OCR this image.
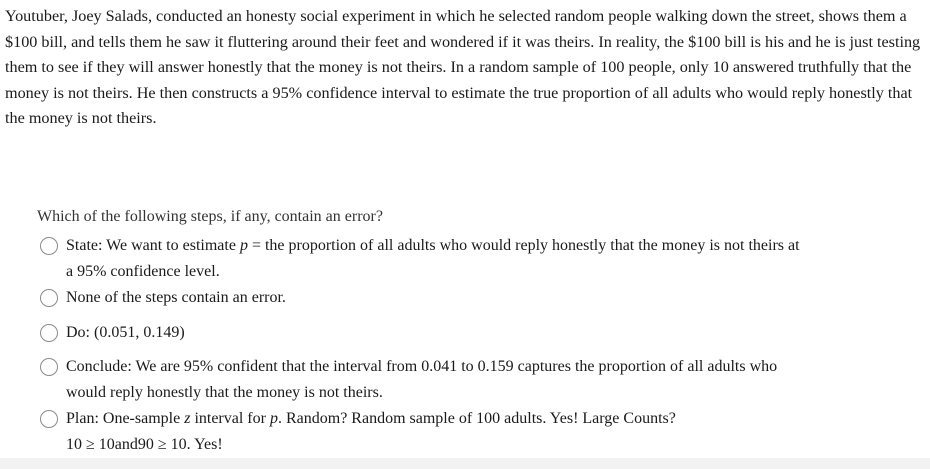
Youtuber, Joey Salads, conducted an honesty social experiment in which he selected random people walking down the street, shows them a $100 bill, and tells them he saw it fluttering around their feet and wondered if it was theirs. In reality, the $100 bill is his and he is just testing them to see if they will answer honestly that the money is not theirs. In a random sample of 100 people, only 10 answered truthfully that the money is not theirs. He then constructs a 95% confidence interval to estimate the true proportion of all adults who would reply honestly that the money is not theirs.

Which of the following steps, if any, contain an error?

State: We want to estimate p = the proportion of all adults who would reply honestly that the money is not theirs at
a 95% confidence level.
None of the steps contain an error.
Do: (0.051, 0.149)
Conclude: We are 95% confident that the interval from 0.041 to 0.159 captures the proportion of all adults who
would reply honestly that the money is not theirs.
Plan: One-sample z interval for p. Random? Random sample of 100 adults. Yes! Large Counts?
10 ≥ 10and90 ≥ 10. Yes!
